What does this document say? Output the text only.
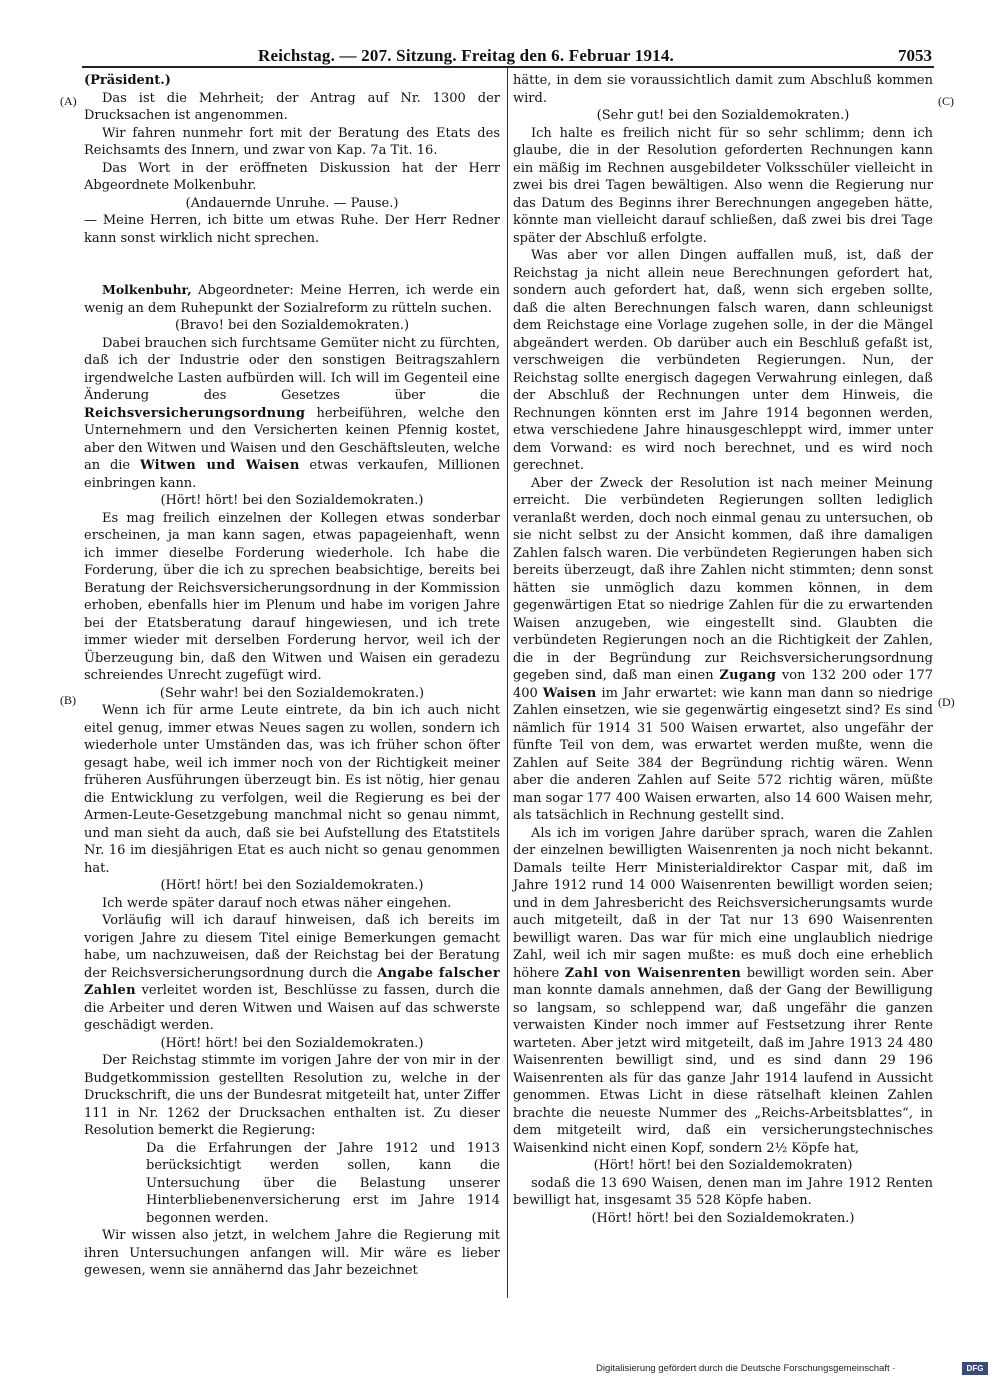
Reichstag. — 207. Sitzung. Freitag den 6. Februar 1914.	7053
(A)
(B)
(C)
(D)

(Präsident.)

Das ist die Mehrheit; der Antrag auf Nr. 1300 der Drucksachen ist angenommen.

Wir fahren nunmehr fort mit der Beratung des Etats des Reichsamts des Innern, und zwar von Kap. 7a Tit. 16.

Das Wort in der eröffneten Diskussion hat der Herr Abgeordnete Molkenbuhr.

(Andauernde Unruhe. — Pause.)

— Meine Herren, ich bitte um etwas Ruhe. Der Herr Redner kann sonst wirklich nicht sprechen.

Molkenbuhr, Abgeordneter: Meine Herren, ich werde ein wenig an dem Ruhepunkt der Sozialreform zu rütteln suchen.

(Bravo! bei den Sozialdemokraten.)

Dabei brauchen sich furchtsame Gemüter nicht zu fürchten, daß ich der Industrie oder den sonstigen Beitragszahlern irgendwelche Lasten aufbürden will. Ich will im Gegenteil eine Änderung des Gesetzes über die Reichsversicherungsordnung herbeiführen, welche den Unternehmern und den Versicherten keinen Pfennig kostet, aber den Witwen und Waisen und den Geschäftsleuten, welche an die Witwen und Waisen etwas verkaufen, Millionen einbringen kann.

(Hört! hört! bei den Sozialdemokraten.)

Es mag freilich einzelnen der Kollegen etwas sonderbar erscheinen, ja man kann sagen, etwas papageienhaft, wenn ich immer dieselbe Forderung wiederhole. Ich habe die Forderung, über die ich zu sprechen beabsichtige, bereits bei Beratung der Reichsversicherungsordnung in der Kommission erhoben, ebenfalls hier im Plenum und habe im vorigen Jahre bei der Etatsberatung darauf hingewiesen, und ich trete immer wieder mit derselben Forderung hervor, weil ich der Überzeugung bin, daß den Witwen und Waisen ein geradezu schreiendes Unrecht zugefügt wird.

(Sehr wahr! bei den Sozialdemokraten.)

Wenn ich für arme Leute eintrete, da bin ich auch nicht eitel genug, immer etwas Neues sagen zu wollen, sondern ich wiederhole unter Umständen das, was ich früher schon öfter gesagt habe, weil ich immer noch von der Richtigkeit meiner früheren Ausführungen überzeugt bin. Es ist nötig, hier genau die Entwicklung zu verfolgen, weil die Regierung es bei der Armen-Leute-Gesetzgebung manchmal nicht so genau nimmt, und man sieht da auch, daß sie bei Aufstellung des Etatstitels Nr. 16 im diesjährigen Etat es auch nicht so genau genommen hat.

(Hört! hört! bei den Sozialdemokraten.)

Ich werde später darauf noch etwas näher eingehen.

Vorläufig will ich darauf hinweisen, daß ich bereits im vorigen Jahre zu diesem Titel einige Bemerkungen gemacht habe, um nachzuweisen, daß der Reichstag bei der Beratung der Reichsversicherungsordnung durch die Angabe falscher Zahlen verleitet worden ist, Beschlüsse zu fassen, durch die die Arbeiter und deren Witwen und Waisen auf das schwerste geschädigt werden.

(Hört! hört! bei den Sozialdemokraten.)

Der Reichstag stimmte im vorigen Jahre der von mir in der Budgetkommission gestellten Resolution zu, welche in der Druckschrift, die uns der Bundesrat mitgeteilt hat, unter Ziffer 111 in Nr. 1262 der Drucksachen enthalten ist. Zu dieser Resolution bemerkt die Regierung:

Da die Erfahrungen der Jahre 1912 und 1913 berücksichtigt werden sollen, kann die Untersuchung über die Belastung unserer Hinterbliebenenversicherung erst im Jahre 1914 begonnen werden.

Wir wissen also jetzt, in welchem Jahre die Regierung mit ihren Untersuchungen anfangen will. Mir wäre es lieber gewesen, wenn sie annähernd das Jahr bezeichnet

hätte, in dem sie voraussichtlich damit zum Abschluß kommen wird.

(Sehr gut! bei den Sozialdemokraten.)

Ich halte es freilich nicht für so sehr schlimm; denn ich glaube, die in der Resolution geforderten Rechnungen kann ein mäßig im Rechnen ausgebildeter Volksschüler vielleicht in zwei bis drei Tagen bewältigen. Also wenn die Regierung nur das Datum des Beginns ihrer Berechnungen angegeben hätte, könnte man vielleicht darauf schließen, daß zwei bis drei Tage später der Abschluß erfolgte.

Was aber vor allen Dingen auffallen muß, ist, daß der Reichstag ja nicht allein neue Berechnungen gefordert hat, sondern auch gefordert hat, daß, wenn sich ergeben sollte, daß die alten Berechnungen falsch waren, dann schleunigst dem Reichstage eine Vorlage zugehen solle, in der die Mängel abgeändert werden. Ob darüber auch ein Beschluß gefaßt ist, verschweigen die verbündeten Regierungen. Nun, der Reichstag sollte energisch dagegen Verwahrung einlegen, daß der Abschluß der Rechnungen unter dem Hinweis, die Rechnungen könnten erst im Jahre 1914 begonnen werden, etwa verschiedene Jahre hinausgeschleppt wird, immer unter dem Vorwand: es wird noch berechnet, und es wird noch gerechnet.

Aber der Zweck der Resolution ist nach meiner Meinung erreicht. Die verbündeten Regierungen sollten lediglich veranlaßt werden, doch noch einmal genau zu untersuchen, ob sie nicht selbst zu der Ansicht kommen, daß ihre damaligen Zahlen falsch waren. Die verbündeten Regierungen haben sich bereits überzeugt, daß ihre Zahlen nicht stimmten; denn sonst hätten sie unmöglich dazu kommen können, in dem gegenwärtigen Etat so niedrige Zahlen für die zu erwartenden Waisen anzugeben, wie eingestellt sind. Glaubten die verbündeten Regierungen noch an die Richtigkeit der Zahlen, die in der Begründung zur Reichsversicherungsordnung gegeben sind, daß man einen Zugang von 132 200 oder 177 400 Waisen im Jahr erwartet: wie kann man dann so niedrige Zahlen einsetzen, wie sie gegenwärtig eingesetzt sind? Es sind nämlich für 1914 31 500 Waisen erwartet, also ungefähr der fünfte Teil von dem, was erwartet werden mußte, wenn die Zahlen auf Seite 384 der Begründung richtig wären. Wenn aber die anderen Zahlen auf Seite 572 richtig wären, müßte man sogar 177 400 Waisen erwarten, also 14 600 Waisen mehr, als tatsächlich in Rechnung gestellt sind.

Als ich im vorigen Jahre darüber sprach, waren die Zahlen der einzelnen bewilligten Waisenrenten ja noch nicht bekannt. Damals teilte Herr Ministerialdirektor Caspar mit, daß im Jahre 1912 rund 14 000 Waisenrenten bewilligt worden seien; und in dem Jahresbericht des Reichsversicherungsamts wurde auch mitgeteilt, daß in der Tat nur 13 690 Waisenrenten bewilligt waren. Das war für mich eine unglaublich niedrige Zahl, weil ich mir sagen mußte: es muß doch eine erheblich höhere Zahl von Waisenrenten bewilligt worden sein. Aber man konnte damals annehmen, daß der Gang der Bewilligung so langsam, so schleppend war, daß ungefähr die ganzen verwaisten Kinder noch immer auf Festsetzung ihrer Rente warteten. Aber jetzt wird mitgeteilt, daß im Jahre 1913 24 480 Waisenrenten bewilligt sind, und es sind dann 29 196 Waisenrenten als für das ganze Jahr 1914 laufend in Aussicht genommen. Etwas Licht in diese rätselhaft kleinen Zahlen brachte die neueste Nummer des „Reichs-Arbeitsblattes“, in dem mitgeteilt wird, daß ein versicherungstechnisches Waisenkind nicht einen Kopf, sondern 2½ Köpfe hat,

(Hört! hört! bei den Sozialdemokraten)

sodaß die 13 690 Waisen, denen man im Jahre 1912 Renten bewilligt hat, insgesamt 35 528 Köpfe haben.

(Hört! hört! bei den Sozialdemokraten.)

Digitalisierung gefördert durch die Deutsche Forschungsgemeinschaft ·	DFG
